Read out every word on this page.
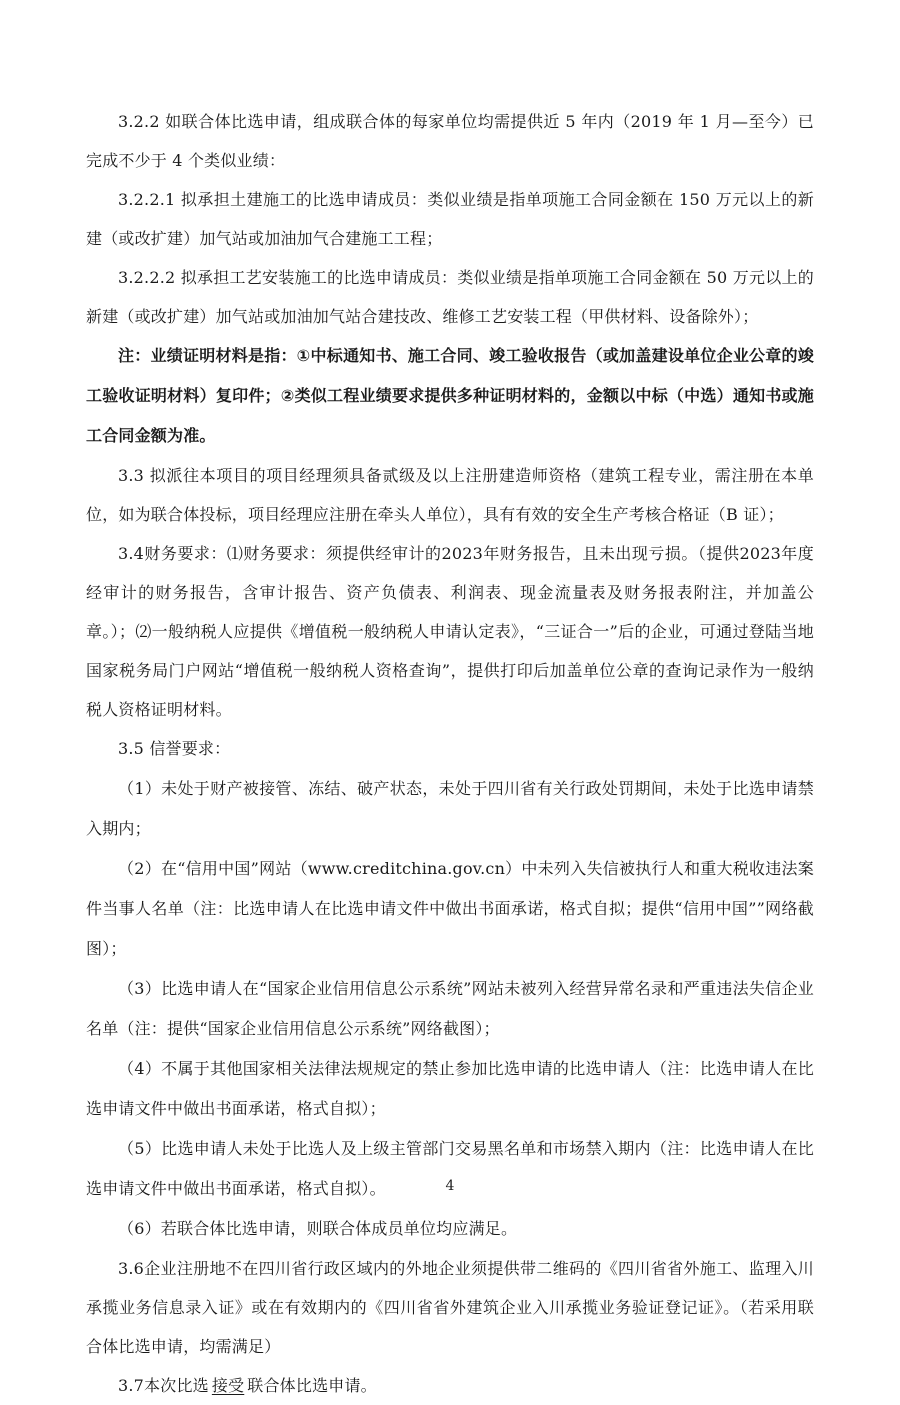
3.2.2 如联合体比选申请，组成联合体的每家单位均需提供近 5 年内（2019 年 1 月—至今）已完成不少于 4 个类似业绩：

3.2.2.1 拟承担土建施工的比选申请成员：类似业绩是指单项施工合同金额在 150 万元以上的新建（或改扩建）加气站或加油加气合建施工工程；

3.2.2.2 拟承担工艺安装施工的比选申请成员：类似业绩是指单项施工合同金额在 50 万元以上的新建（或改扩建）加气站或加油加气站合建技改、维修工艺安装工程（甲供材料、设备除外）；

注：业绩证明材料是指：①中标通知书、施工合同、竣工验收报告（或加盖建设单位企业公章的竣工验收证明材料）复印件；②类似工程业绩要求提供多种证明材料的，金额以中标（中选）通知书或施工合同金额为准。

3.3 拟派往本项目的项目经理须具备贰级及以上注册建造师资格（建筑工程专业，需注册在本单位，如为联合体投标，项目经理应注册在牵头人单位），具有有效的安全生产考核合格证（B 证）；

3.4财务要求：⑴财务要求：须提供经审计的2023年财务报告，且未出现亏损。（提供2023年度经审计的财务报告，含审计报告、资产负债表、利润表、现金流量表及财务报表附注，并加盖公章。）；⑵一般纳税人应提供《增值税一般纳税人申请认定表》，“三证合一”后的企业，可通过登陆当地国家税务局门户网站“增值税一般纳税人资格查询”，提供打印后加盖单位公章的查询记录作为一般纳税人资格证明材料。

3.5 信誉要求：

（1）未处于财产被接管、冻结、破产状态，未处于四川省有关行政处罚期间，未处于比选申请禁入期内；

（2）在“信用中国”网站（www.creditchina.gov.cn）中未列入失信被执行人和重大税收违法案件当事人名单（注：比选申请人在比选申请文件中做出书面承诺，格式自拟；提供“信用中国””网络截图）；

（3）比选申请人在“国家企业信用信息公示系统”网站未被列入经营异常名录和严重违法失信企业名单（注：提供“国家企业信用信息公示系统”网络截图）；

（4）不属于其他国家相关法律法规规定的禁止参加比选申请的比选申请人（注：比选申请人在比选申请文件中做出书面承诺，格式自拟）；

（5）比选申请人未处于比选人及上级主管部门交易黑名单和市场禁入期内（注：比选申请人在比选申请文件中做出书面承诺，格式自拟）。

（6）若联合体比选申请，则联合体成员单位均应满足。

3.6企业注册地不在四川省行政区域内的外地企业须提供带二维码的《四川省省外施工、监理入川承揽业务信息录入证》或在有效期内的《四川省省外建筑企业入川承揽业务验证登记证》。（若采用联合体比选申请，均需满足）

3.7本次比选 接受 联合体比选申请。

4
